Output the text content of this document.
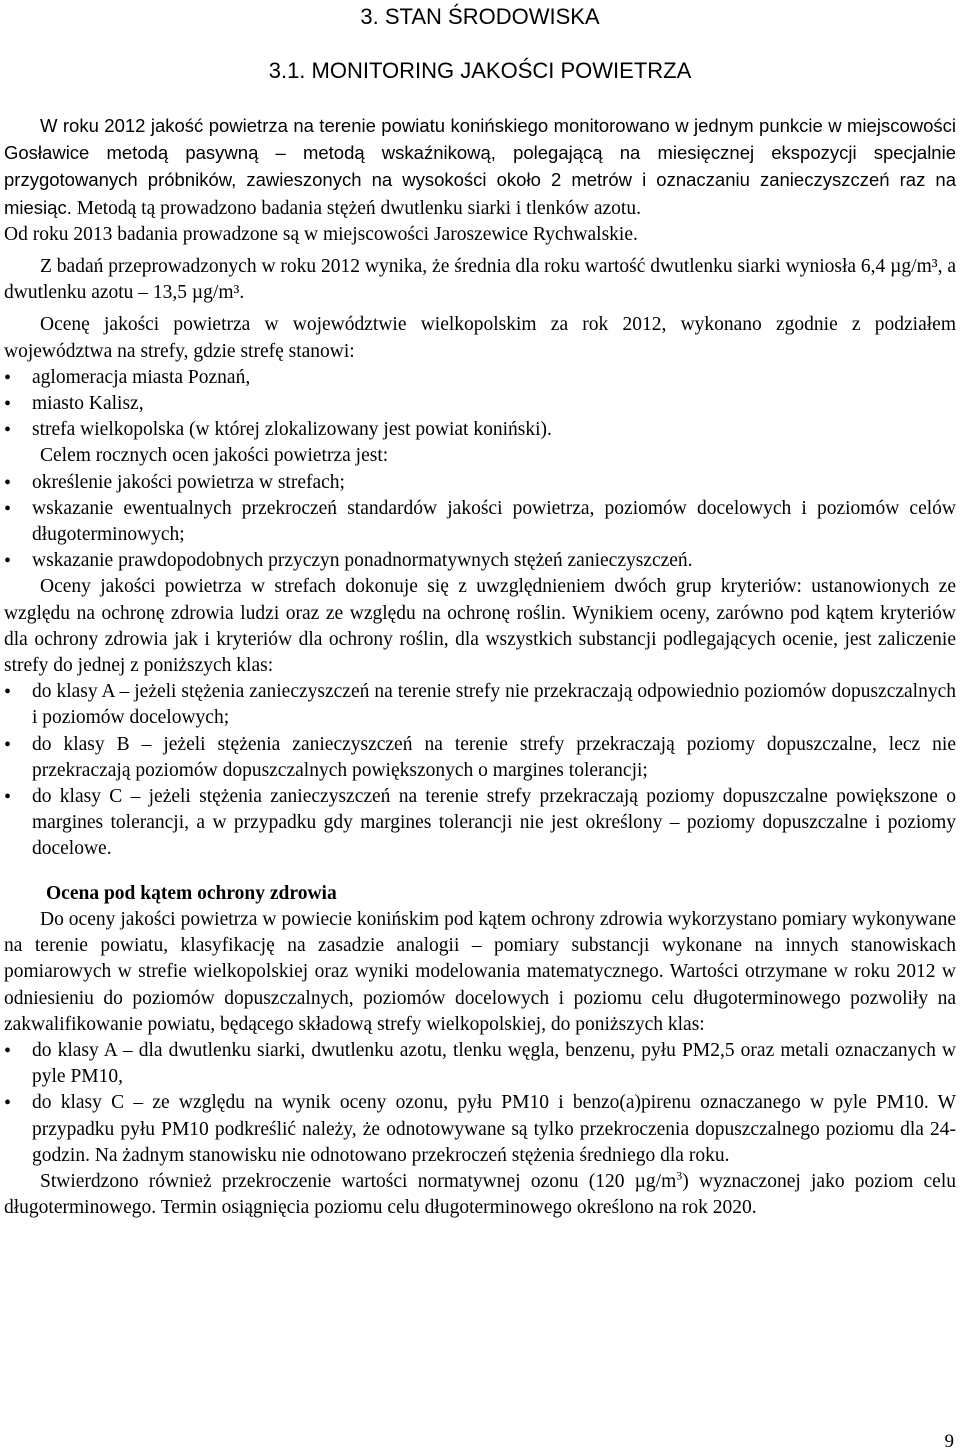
3. STAN ŚRODOWISKA
3.1. MONITORING JAKOŚCI POWIETRZA

W roku 2012 jakość powietrza na terenie powiatu konińskiego monitorowano w jednym punkcie w miejscowości Gosławice metodą pasywną – metodą wskaźnikową, polegającą na miesięcznej ekspozycji specjalnie przygotowanych próbników, zawieszonych na wysokości około 2 metrów i oznaczaniu zanieczyszczeń raz na miesiąc. Metodą tą prowadzono badania stężeń dwutlenku siarki i tlenków azotu.

Od roku 2013 badania prowadzone są w miejscowości Jaroszewice Rychwalskie.

Z badań przeprowadzonych w roku 2012 wynika, że średnia dla roku wartość dwutlenku siarki wyniosła 6,4 µg/m³, a dwutlenku azotu – 13,5 µg/m³.

Ocenę jakości powietrza w województwie wielkopolskim za rok 2012, wykonano zgodnie z podziałem województwa na strefy, gdzie strefę stanowi:

• aglomeracja miasta Poznań,
• miasto Kalisz,
• strefa wielkopolska (w której zlokalizowany jest powiat koniński).

Celem rocznych ocen jakości powietrza jest:

• określenie jakości powietrza w strefach;
• wskazanie ewentualnych przekroczeń standardów jakości powietrza, poziomów docelowych i poziomów celów długoterminowych;
• wskazanie prawdopodobnych przyczyn ponadnormatywnych stężeń zanieczyszczeń.

Oceny jakości powietrza w strefach dokonuje się z uwzględnieniem dwóch grup kryteriów: ustanowionych ze względu na ochronę zdrowia ludzi oraz ze względu na ochronę roślin. Wynikiem oceny, zarówno pod kątem kryteriów dla ochrony zdrowia jak i kryteriów dla ochrony roślin, dla wszystkich substancji podlegających ocenie, jest zaliczenie strefy do jednej z poniższych klas:

• do klasy A – jeżeli stężenia zanieczyszczeń na terenie strefy nie przekraczają odpowiednio poziomów dopuszczalnych i poziomów docelowych;
• do klasy B – jeżeli stężenia zanieczyszczeń na terenie strefy przekraczają poziomy dopuszczalne, lecz nie przekraczają poziomów dopuszczalnych powiększonych o margines tolerancji;
• do klasy C – jeżeli stężenia zanieczyszczeń na terenie strefy przekraczają poziomy dopuszczalne powiększone o margines tolerancji, a w przypadku gdy margines tolerancji nie jest określony – poziomy dopuszczalne i poziomy docelowe.

Ocena pod kątem ochrony zdrowia

Do oceny jakości powietrza w powiecie konińskim pod kątem ochrony zdrowia wykorzystano pomiary wykonywane na terenie powiatu, klasyfikację na zasadzie analogii – pomiary substancji wykonane na innych stanowiskach pomiarowych w strefie wielkopolskiej oraz wyniki modelowania matematycznego. Wartości otrzymane w roku 2012 w odniesieniu do poziomów dopuszczalnych, poziomów docelowych i poziomu celu długoterminowego pozwoliły na zakwalifikowanie powiatu, będącego składową strefy wielkopolskiej, do poniższych klas:

• do klasy A – dla dwutlenku siarki, dwutlenku azotu, tlenku węgla, benzenu, pyłu PM2,5 oraz metali oznaczanych w pyle PM10,
• do klasy C – ze względu na wynik oceny ozonu, pyłu PM10 i benzo(a)pirenu oznaczanego w pyle PM10. W przypadku pyłu PM10 podkreślić należy, że odnotowywane są tylko przekroczenia dopuszczalnego poziomu dla 24-godzin. Na żadnym stanowisku nie odnotowano przekroczeń stężenia średniego dla roku.

Stwierdzono również przekroczenie wartości normatywnej ozonu (120 $\mu g/m^3$) wyznaczonej jako poziom celu długoterminowego. Termin osiągnięcia poziomu celu długoterminowego określono na rok 2020.

9
